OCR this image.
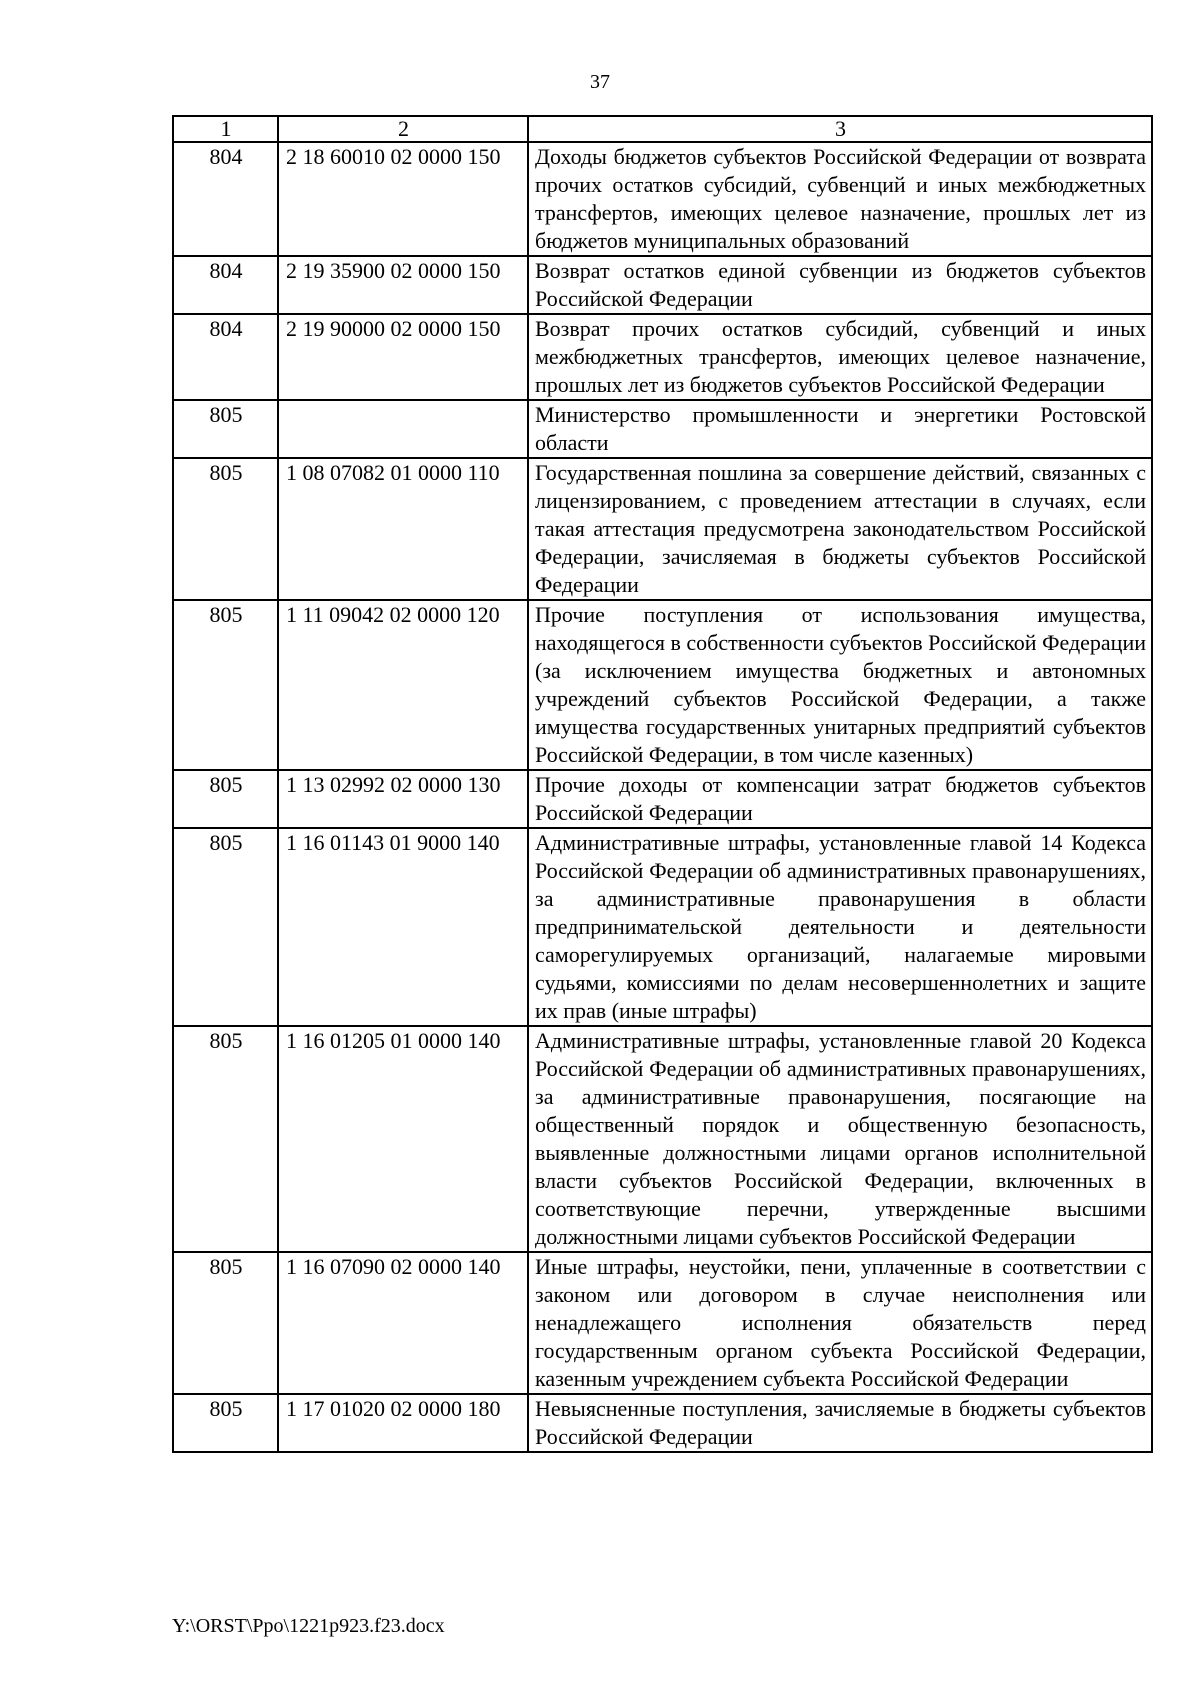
37
1	2	3
804	2 18 60010 02 0000 150	Доходы бюджетов субъектов Российской Федерации от возврата прочих остатков субсидий, субвенций и иных межбюджетных трансфертов, имеющих целевое назначение, прошлых лет из бюджетов муниципальных образований
804	2 19 35900 02 0000 150	Возврат остатков единой субвенции из бюджетов субъектов Российской Федерации
804	2 19 90000 02 0000 150	Возврат прочих остатков субсидий, субвенций и иных межбюджетных трансфертов, имеющих целевое назначение, прошлых лет из бюджетов субъектов Российской Федерации
805		Министерство промышленности и энергетики Ростовской области
805	1 08 07082 01 0000 110	Государственная пошлина за совершение действий, связанных с лицензированием, с проведением аттестации в случаях, если такая аттестация предусмотрена законодательством Российской Федерации, зачисляемая в бюджеты субъектов Российской Федерации
805	1 11 09042 02 0000 120	Прочие поступления от использования имущества, находящегося в собственности субъектов Российской Федерации (за исключением имущества бюджетных и автономных учреждений субъектов Российской Федерации, а также имущества государственных унитарных предприятий субъектов Российской Федерации, в том числе казенных)
805	1 13 02992 02 0000 130	Прочие доходы от компенсации затрат бюджетов субъектов Российской Федерации
805	1 16 01143 01 9000 140	Административные штрафы, установленные главой 14 Кодекса Российской Федерации об административных правонарушениях, за административные правонарушения в области предпринимательской деятельности и деятельности саморегулируемых организаций, налагаемые мировыми судьями, комиссиями по делам несовершеннолетних и защите их прав (иные штрафы)
805	1 16 01205 01 0000 140	Административные штрафы, установленные главой 20 Кодекса Российской Федерации об административных правонарушениях, за административные правонарушения, посягающие на общественный порядок и общественную безопасность, выявленные должностными лицами органов исполнительной власти субъектов Российской Федерации, включенных в соответствующие перечни, утвержденные высшими должностными лицами субъектов Российской Федерации
805	1 16 07090 02 0000 140	Иные штрафы, неустойки, пени, уплаченные в соответствии с законом или договором в случае неисполнения или ненадлежащего исполнения обязательств перед государственным органом субъекта Российской Федерации, казенным учреждением субъекта Российской Федерации
805	1 17 01020 02 0000 180	Невыясненные поступления, зачисляемые в бюджеты субъектов Российской Федерации
Y:\ORST\Ppo\1221p923.f23.docx
